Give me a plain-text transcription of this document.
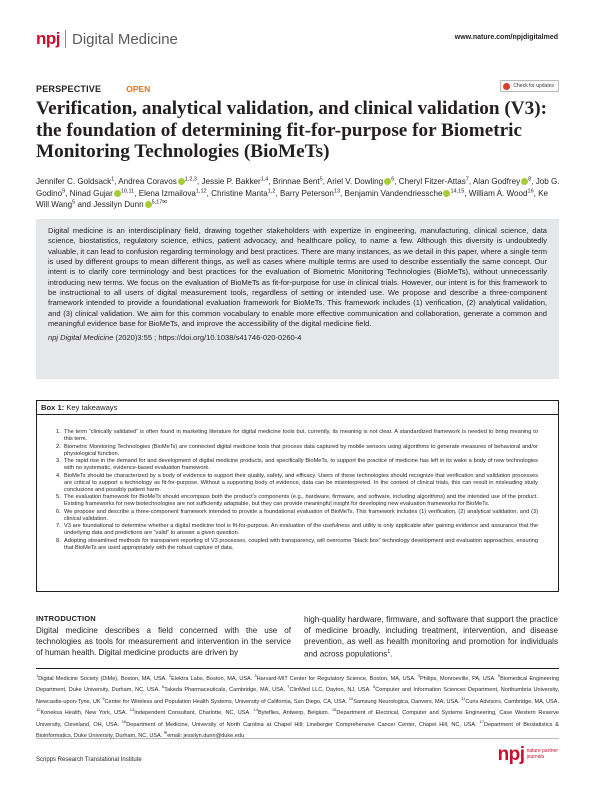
npj Digital Medicine	www.nature.com/npjdigitalmed
PERSPECTIVE	OPEN	Check for updates
Verification, analytical validation, and clinical validation (V3): the foundation of determining fit-for-purpose for Biometric Monitoring Technologies (BioMeTs)
Jennifer C. Goldsack$^1$, Andrea Coravos $^{1,2,3}$, Jessie P. Bakker$^{1,4}$, Brinnae Bent$^5$, Ariel V. Dowling $^6$, Cheryl Fitzer-Attas$^7$, Alan Godfrey $^8$, Job G. Godino$^9$, Ninad Gujar $^{10,11}$, Elena Izmailova$^{1,12}$, Christine Manta$^{1,2}$, Barry Peterson$^{13}$, Benjamin Vandendriessche $^{14,15}$, William A. Wood$^{16}$, Ke Will Wang$^5$ and Jessilyn Dunn $^{5,17✉}$

Digital medicine is an interdisciplinary field, drawing together stakeholders with expertize in engineering, manufacturing, clinical science, data science, biostatistics, regulatory science, ethics, patient advocacy, and healthcare policy, to name a few. Although this diversity is undoubtedly valuable, it can lead to confusion regarding terminology and best practices. There are many instances, as we detail in this paper, where a single term is used by different groups to mean different things, as well as cases where multiple terms are used to describe essentially the same concept. Our intent is to clarify core terminology and best practices for the evaluation of Biometric Monitoring Technologies (BioMeTs), without unnecessarily introducing new terms. We focus on the evaluation of BioMeTs as fit-for-purpose for use in clinical trials. However, our intent is for this framework to be instructional to all users of digital measurement tools, regardless of setting or intended use. We propose and describe a three-component framework intended to provide a foundational evaluation framework for BioMeTs. This framework includes (1) verification, (2) analytical validation, and (3) clinical validation. We aim for this common vocabulary to enable more effective communication and collaboration, generate a common and meaningful evidence base for BioMeTs, and improve the accessibility of the digital medicine field.

npj Digital Medicine (2020)3:55 ; https://doi.org/10.1038/s41746-020-0260-4

Box 1: Key takeaways
1. The term “clinically validated” is often found in marketing literature for digital medicine tools but, currently, its meaning is not clear. A standardized framework is needed to bring meaning to this term.
2. Biometric Monitoring Technologies (BioMeTs) are connected digital medicine tools that process data captured by mobile sensors using algorithms to generate measures of behavioral and/or physiological function.
3. The rapid rise in the demand for and development of digital medicine products, and specifically BioMeTs, to support the practice of medicine has left in its wake a body of new technologies with no systematic, evidence-based evaluation framework.
4. BioMeTs should be characterized by a body of evidence to support their quality, safety, and efficacy. Users of these technologies should recognize that verification and validation processes are critical to support a technology as fit-for-purpose. Without a supporting body of evidence, data can be misinterpreted. In the context of clinical trials, this can result in misleading study conclusions and possibly patient harm.
5. The evaluation framework for BioMeTs should encompass both the product’s components (e.g., hardware, firmware, and software, including algorithms) and the intended use of the product. Existing frameworks for new biotechnologies are not sufficiently adaptable, but they can provide meaningful insight for developing new evaluation frameworks for BioMeTs.
6. We propose and describe a three-component framework intended to provide a foundational evaluation of BioMeTs. This framework includes (1) verification, (2) analytical validation, and (3) clinical validation.
7. V3 are foundational to determine whether a digital medicine tool is fit-for-purpose. An evaluation of the usefulness and utility is only applicable after gaining evidence and assurance that the underlying data and predictions are “valid” to answer a given question.
8. Adopting streamlined methods for transparent reporting of V3 processes, coupled with transparency, will overcome “black box” technology development and evaluation approaches, ensuring that BioMeTs are used appropriately with the robust capture of data.
INTRODUCTION

Digital medicine describes a field concerned with the use of technologies as tools for measurement and intervention in the service of human health. Digital medicine products are driven by

high-quality hardware, firmware, and software that support the practice of medicine broadly, including treatment, intervention, and disease prevention, as well as health monitoring and promotion for individuals and across populations$^1$.

$^1$Digital Medicine Society (DiMe), Boston, MA, USA. $^2$Elektra Labs, Boston, MA, USA. $^3$Harvard-MIT Center for Regulatory Science, Boston, MA, USA. $^4$Philips, Monroeville, PA, USA. $^5$Biomedical Engineering Department, Duke University, Durham, NC, USA. $^6$Takeda Pharmaceuticals, Cambridge, MA, USA. $^7$ClinMed LLC, Dayton, NJ, USA. $^8$Computer and Information Sciences Department, Northumbria University, Newcastle-upon-Tyne, UK $^9$Center for Wireless and Population Health Systems, University of California, San Diego, CA, USA. $^{10}$Samsung Neurologica, Danvers, MA, USA. $^{11}$Curis Advisors, Cambridge, MA, USA. $^{12}$Koneksa Health, New York, USA. $^{13}$Independent Consultant, Charlotte, NC, USA. $^{14}$Byteflies, Antwerp, Belgium. $^{15}$Department of Electrical, Computer and Systems Engineering, Case Western Reserve University, Cleveland, OH, USA. $^{16}$Department of Medicine, University of North Carolina at Chapel Hill; Lineberger Comprehensive Cancer Center, Chapel Hill, NC, USA. $^{17}$Department of Biostatistics & Bioinformatics, Duke University, Durham, NC, USA. ✉email: jessilyn.dunn@duke.edu
Scripps Research Translational Institute	npj nature partner
journals
